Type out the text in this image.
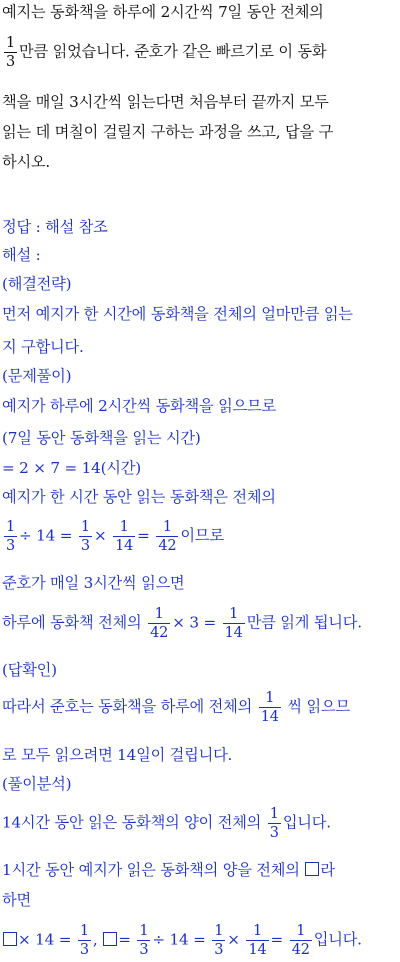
예지는 동화책을 하루에 2시간씩 7일 동안 전체의
$\frac{1}{3}$ 만큼 읽었습니다. 준호가 같은 빠르기로 이 동화
책을 매일 3시간씩 읽는다면 처음부터 끝까지 모두
읽는 데 며칠이 걸릴지 구하는 과정을 쓰고, 답을 구
하시오.
정답 : 해설 참조
해설 :
(해결전략)
먼저 예지가 한 시간에 동화책을 전체의 얼마만큼 읽는
지 구합니다.
(문제풀이)
예지가 하루에 2시간씩 동화책을 읽으므로
(7일 동안 동화책을 읽는 시간)
= 2 × 7 = 14(시간)
예지가 한 시간 동안 읽는 동화책은 전체의
$\frac{1}{3} \div 14 = \frac{1}{3} \times \frac{1}{14} = \frac{1}{42}$ 이므로
준호가 매일 3시간씩 읽으면
하루에 동화책 전체의 $\frac{1}{42} \times 3 = \frac{1}{14}$ 만큼 읽게 됩니다.
(답확인)
따라서 준호는 동화책을 하루에 전체의 $\frac{1}{14}$ 씩 읽으므
로 모두 읽으려면 14일이 걸립니다.
(풀이분석)
14시간 동안 읽은 동화책의 양이 전체의 $\frac{1}{3}$ 입니다.
1시간 동안 예지가 읽은 동화책의 양을 전체의 라
하면
× $14 = \frac{1}{3}$ , = $\frac{1}{3} \div 14 = \frac{1}{3} \times \frac{1}{14} = \frac{1}{42}$ 입니다.
